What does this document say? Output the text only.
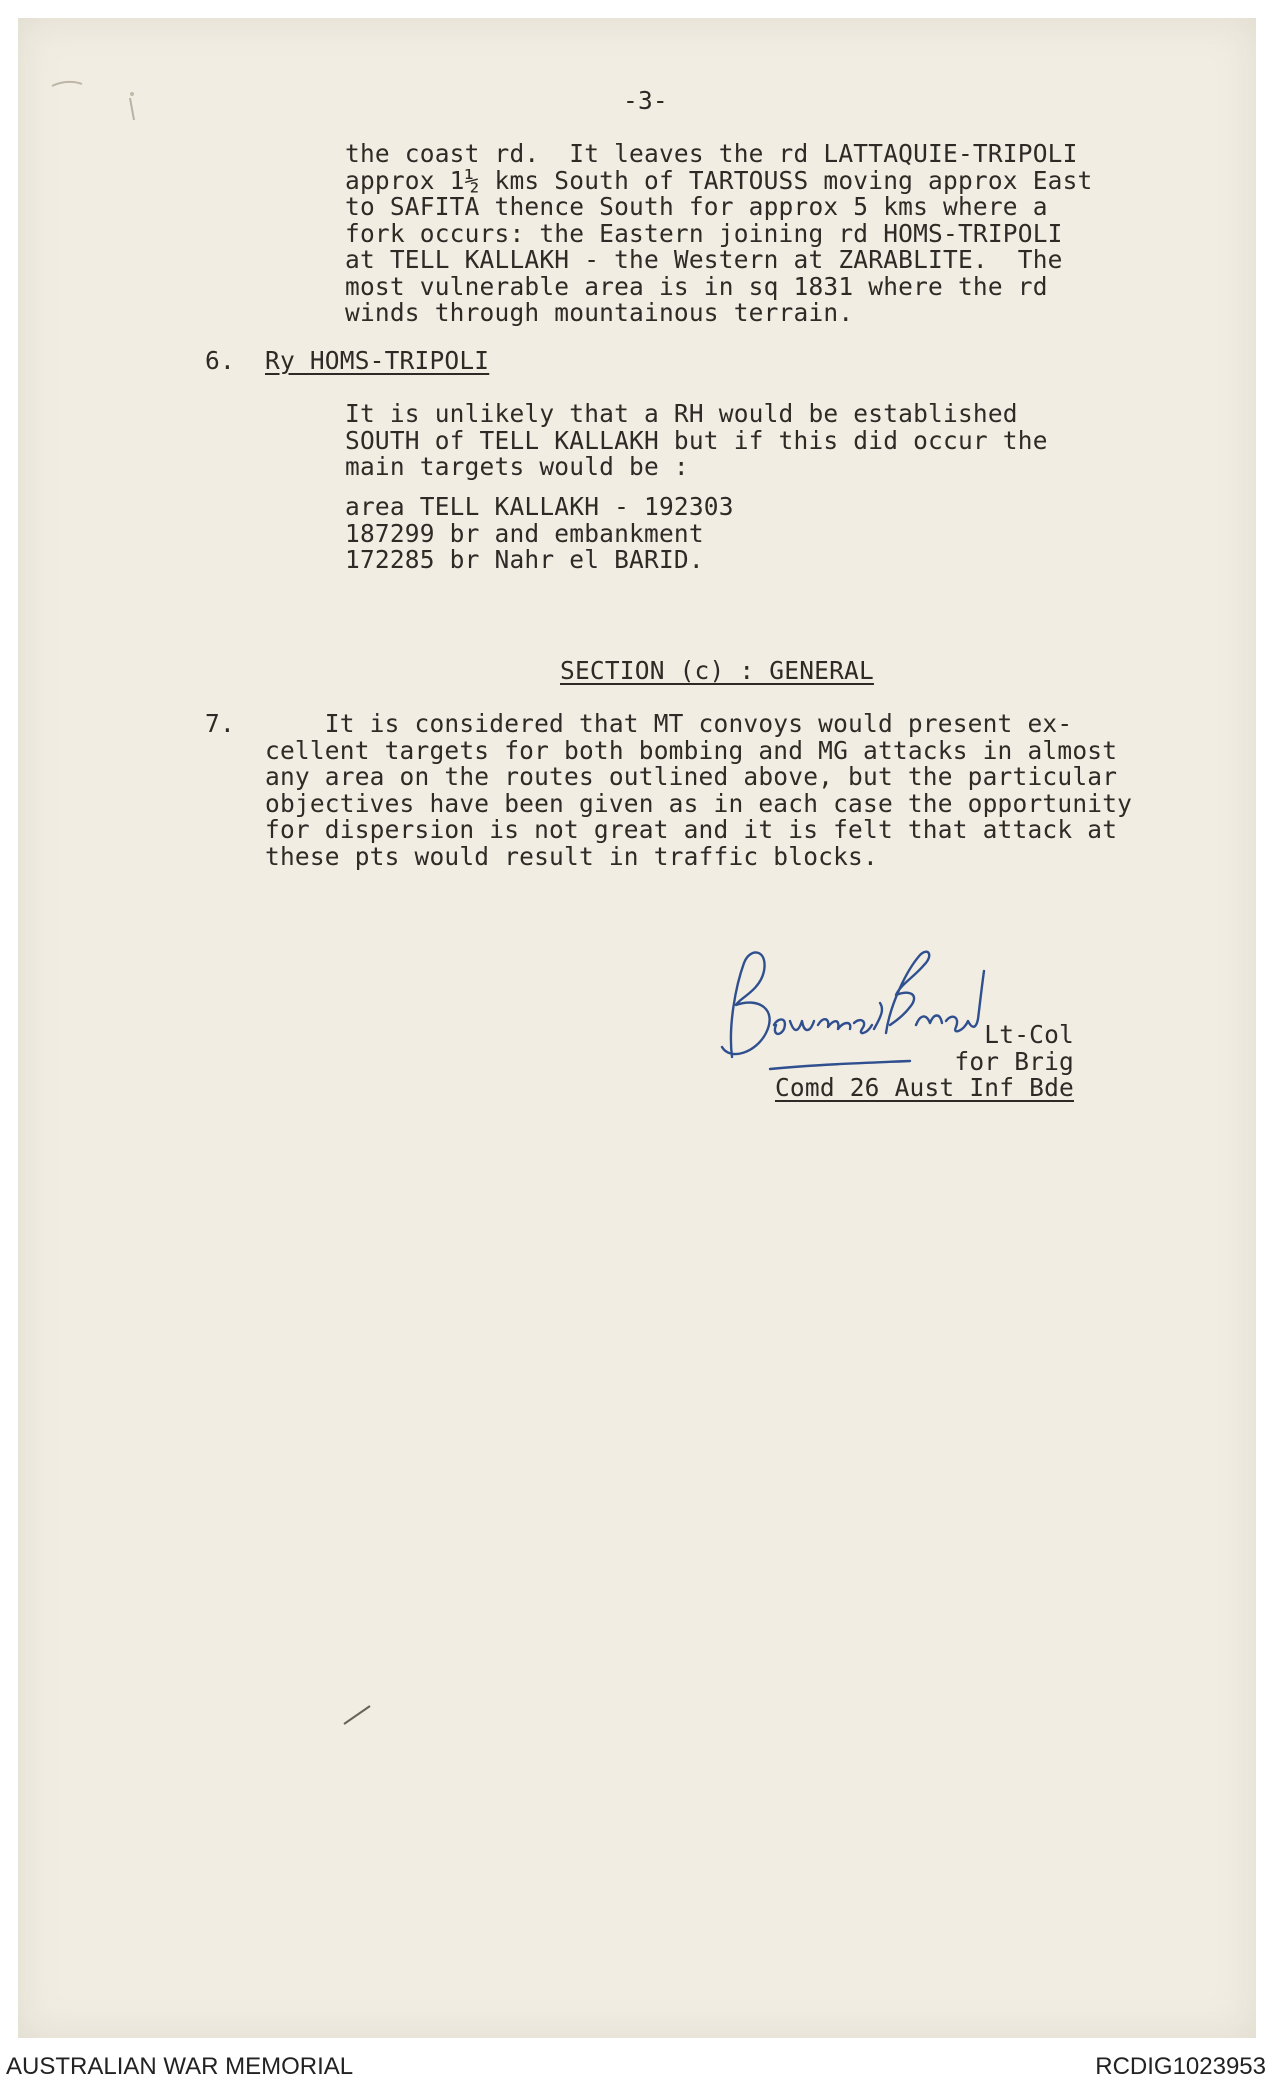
-3-
the coast rd.  It leaves the rd LATTAQUIE-TRIPOLI
approx 1½ kms South of TARTOUSS moving approx East
to SAFITA thence South for approx 5 kms where a
fork occurs: the Eastern joining rd HOMS-TRIPOLI
at TELL KALLAKH - the Western at ZARABLITE.  The
most vulnerable area is in sq 1831 where the rd
winds through mountainous terrain.
6. Ry HOMS-TRIPOLI
It is unlikely that a RH would be established
SOUTH of TELL KALLAKH but if this did occur the
main targets would be :
area TELL KALLAKH - 192303
187299 br and embankment
172285 br Nahr el BARID.
SECTION (c) : GENERAL
7.	It is considered that MT convoys would present ex-
cellent targets for both bombing and MG attacks in almost
any area on the routes outlined above, but the particular
objectives have been given as in each case the opportunity
for dispersion is not great and it is felt that attack at
these pts would result in traffic blocks.
Lt-Col
for Brig
Comd 26 Aust Inf Bde
AUSTRALIAN WAR MEMORIAL	RCDIG1023953
